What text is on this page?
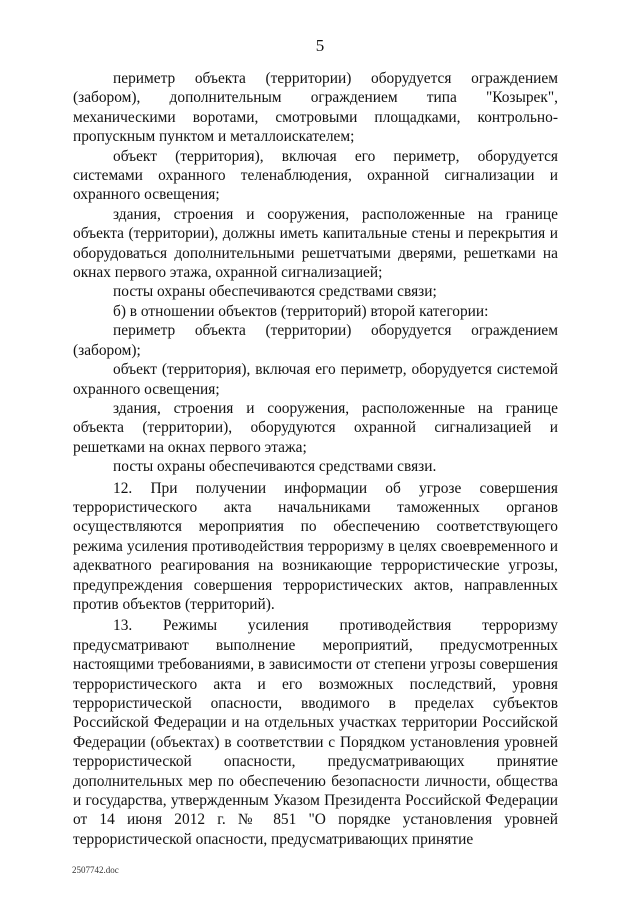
5

периметр объекта (территории) оборудуется ограждением (забором), дополнительным ограждением типа "Козырек", механическими воротами, смотровыми площадками, контрольно-пропускным пунктом и металлоискателем;

объект (территория), включая его периметр, оборудуется системами охранного теленаблюдения, охранной сигнализации и охранного освещения;

здания, строения и сооружения, расположенные на границе объекта (территории), должны иметь капитальные стены и перекрытия и оборудоваться дополнительными решетчатыми дверями, решетками на окнах первого этажа, охранной сигнализацией;

посты охраны обеспечиваются средствами связи;

б) в отношении объектов (территорий) второй категории:

периметр объекта (территории) оборудуется ограждением (забором);

объект (территория), включая его периметр, оборудуется системой охранного освещения;

здания, строения и сооружения, расположенные на границе объекта (территории), оборудуются охранной сигнализацией и решетками на окнах первого этажа;

посты охраны обеспечиваются средствами связи.

12. При получении информации об угрозе совершения террористического акта начальниками таможенных органов осуществляются мероприятия по обеспечению соответствующего режима усиления противодействия терроризму в целях своевременного и адекватного реагирования на возникающие террористические угрозы, предупреждения совершения террористических актов, направленных против объектов (территорий).

13. Режимы усиления противодействия терроризму предусматривают выполнение мероприятий, предусмотренных настоящими требованиями, в зависимости от степени угрозы совершения террористического акта и его возможных последствий, уровня террористической опасности, вводимого в пределах субъектов Российской Федерации и на отдельных участках территории Российской Федерации (объектах) в соответствии с Порядком установления уровней террористической опасности, предусматривающих принятие дополнительных мер по обеспечению безопасности личности, общества и государства, утвержденным Указом Президента Российской Федерации от 14 июня 2012 г. № 851 "О порядке установления уровней террористической опасности, предусматривающих принятие

2507742.doc
